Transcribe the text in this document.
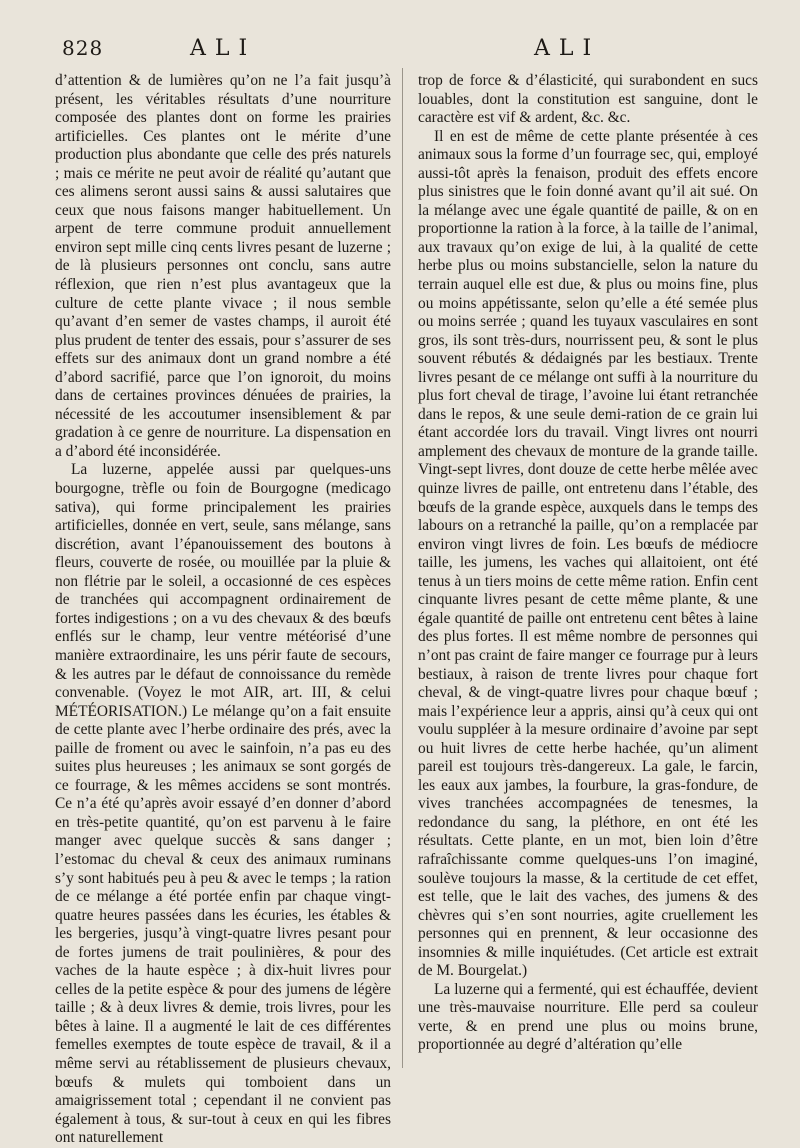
828	ALI	ALI

d’attention & de lumières qu’on ne l’a fait jusqu’à présent, les véritables résultats d’une nourriture composée des plantes dont on forme les prairies artificielles. Ces plantes ont le mérite d’une production plus abondante que celle des prés naturels ; mais ce mérite ne peut avoir de réalité qu’autant que ces alimens seront aussi sains & aussi salutaires que ceux que nous faisons manger habituellement. Un arpent de terre commune produit annuellement environ sept mille cinq cents livres pesant de luzerne ; de là plusieurs personnes ont conclu, sans autre réflexion, que rien n’est plus avantageux que la culture de cette plante vivace ; il nous semble qu’avant d’en semer de vastes champs, il auroit été plus prudent de tenter des essais, pour s’assurer de ses effets sur des animaux dont un grand nombre a été d’abord sacrifié, parce que l’on ignoroit, du moins dans de certaines provinces dénuées de prairies, la nécessité de les accoutumer insensiblement & par gradation à ce genre de nourriture. La dispensation en a d’abord été inconsidérée.

La luzerne, appelée aussi par quelques-uns bourgogne, trèfle ou foin de Bourgogne (medicago sativa), qui forme principalement les prairies artificielles, donnée en vert, seule, sans mélange, sans discrétion, avant l’épanouissement des boutons à fleurs, couverte de rosée, ou mouillée par la pluie & non flétrie par le soleil, a occasionné de ces espèces de tranchées qui accompagnent ordinairement de fortes indigestions ; on a vu des chevaux & des bœufs enflés sur le champ, leur ventre météorisé d’une manière extraordinaire, les uns périr faute de secours, & les autres par le défaut de connoissance du remède convenable. (Voyez le mot AIR, art. III, & celui MÉTÉORISATION.) Le mélange qu’on a fait ensuite de cette plante avec l’herbe ordinaire des prés, avec la paille de froment ou avec le sainfoin, n’a pas eu des suites plus heureuses ; les animaux se sont gorgés de ce fourrage, & les mêmes accidens se sont montrés. Ce n’a été qu’après avoir essayé d’en donner d’abord en très-petite quantité, qu’on est parvenu à le faire manger avec quelque succès & sans danger ; l’estomac du cheval & ceux des animaux ruminans s’y sont habitués peu à peu & avec le temps ; la ration de ce mélange a été portée enfin par chaque vingt-quatre heures passées dans les écuries, les étables & les bergeries, jusqu’à vingt-quatre livres pesant pour de fortes jumens de trait poulinières, & pour des vaches de la haute espèce ; à dix-huit livres pour celles de la petite espèce & pour des jumens de légère taille ; & à deux livres & demie, trois livres, pour les bêtes à laine. Il a augmenté le lait de ces différentes femelles exemptes de toute espèce de travail, & il a même servi au rétablissement de plusieurs chevaux, bœufs & mulets qui tomboient dans un amaigrissement total ; cependant il ne convient pas également à tous, & sur-tout à ceux en qui les fibres ont naturellement

trop de force & d’élasticité, qui surabondent en sucs louables, dont la constitution est sanguine, dont le caractère est vif & ardent, &c. &c.

Il en est de même de cette plante présentée à ces animaux sous la forme d’un fourrage sec, qui, employé aussi-tôt après la fenaison, produit des effets encore plus sinistres que le foin donné avant qu’il ait sué. On la mélange avec une égale quantité de paille, & on en proportionne la ration à la force, à la taille de l’animal, aux travaux qu’on exige de lui, à la qualité de cette herbe plus ou moins substancielle, selon la nature du terrain auquel elle est due, & plus ou moins fine, plus ou moins appétissante, selon qu’elle a été semée plus ou moins serrée ; quand les tuyaux vasculaires en sont gros, ils sont très-durs, nourrissent peu, & sont le plus souvent rébutés & dédaignés par les bestiaux. Trente livres pesant de ce mélange ont suffi à la nourriture du plus fort cheval de tirage, l’avoine lui étant retranchée dans le repos, & une seule demi-ration de ce grain lui étant accordée lors du travail. Vingt livres ont nourri amplement des chevaux de monture de la grande taille. Vingt-sept livres, dont douze de cette herbe mêlée avec quinze livres de paille, ont entretenu dans l’étable, des bœufs de la grande espèce, auxquels dans le temps des labours on a retranché la paille, qu’on a remplacée par environ vingt livres de foin. Les bœufs de médiocre taille, les jumens, les vaches qui allaitoient, ont été tenus à un tiers moins de cette même ration. Enfin cent cinquante livres pesant de cette même plante, & une égale quantité de paille ont entretenu cent bêtes à laine des plus fortes. Il est même nombre de personnes qui n’ont pas craint de faire manger ce fourrage pur à leurs bestiaux, à raison de trente livres pour chaque fort cheval, & de vingt-quatre livres pour chaque bœuf ; mais l’expérience leur a appris, ainsi qu’à ceux qui ont voulu suppléer à la mesure ordinaire d’avoine par sept ou huit livres de cette herbe hachée, qu’un aliment pareil est toujours très-dangereux. La gale, le farcin, les eaux aux jambes, la fourbure, la gras-fondure, de vives tranchées accompagnées de tenesmes, la redondance du sang, la pléthore, en ont été les résultats. Cette plante, en un mot, bien loin d’être rafraîchissante comme quelques-uns l’on imaginé, soulève toujours la masse, & la certitude de cet effet, est telle, que le lait des vaches, des jumens & des chèvres qui s’en sont nourries, agite cruellement les personnes qui en prennent, & leur occasionne des insomnies & mille inquiétudes. (Cet article est extrait de M. Bourgelat.)

La luzerne qui a fermenté, qui est échauffée, devient une très-mauvaise nourriture. Elle perd sa couleur verte, & en prend une plus ou moins brune, proportionnée au degré d’altération qu’elle
